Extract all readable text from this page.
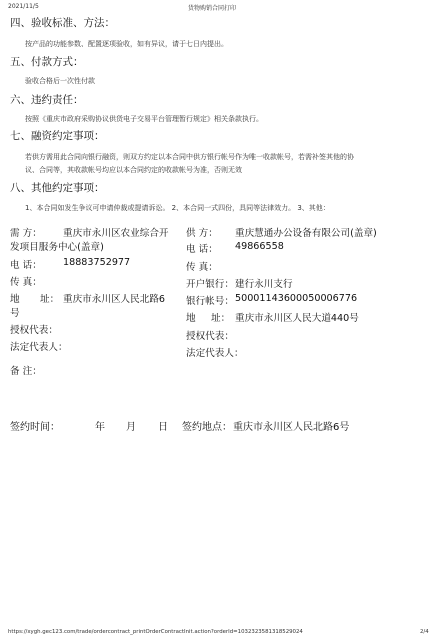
2021/11/5	货物购销合同打印
四、验收标准、方法：
按产品的功能参数、配置逐项验收，如有异议，请于七日内提出。
五、付款方式：
验收合格后一次性付款
六、违约责任：
按照《重庆市政府采购协议供货电子交易平台管理暂行规定》相关条款执行。
七、融资约定事项：
若供方需用此合同向银行融资，则双方约定以本合同中供方银行帐号作为唯一收款帐号，若需补签其他的协
议、合同等，其收款帐号均应以本合同约定的收款帐号为准，否则无效
八、其他约定事项：
1、本合同如发生争议可申请仲裁或提请诉讼。 2、本合同一式四份，具同等法律效力。 3、其他：
需 方： 重庆市永川区农业综合开
发项目服务中心(盖章)
电 话： 18883752977
传 真：
地 址： 重庆市永川区人民北路6
号
授权代表：
法定代表人：
备 注：
供 方： 重庆慧通办公设备有限公司(盖章)
电 话： 49866558
传 真：
开户银行： 建行永川支行
银行帐号： 50001143600050006776
地 址： 重庆市永川区人民大道440号
授权代表：
法定代表人：
签约时间：	年 月 日 签约地点： 重庆市永川区人民北路6号
https://xygh.gec123.com/trade/ordercontract_printOrderContractInit.action?orderId=1032323581318529024	2/4
